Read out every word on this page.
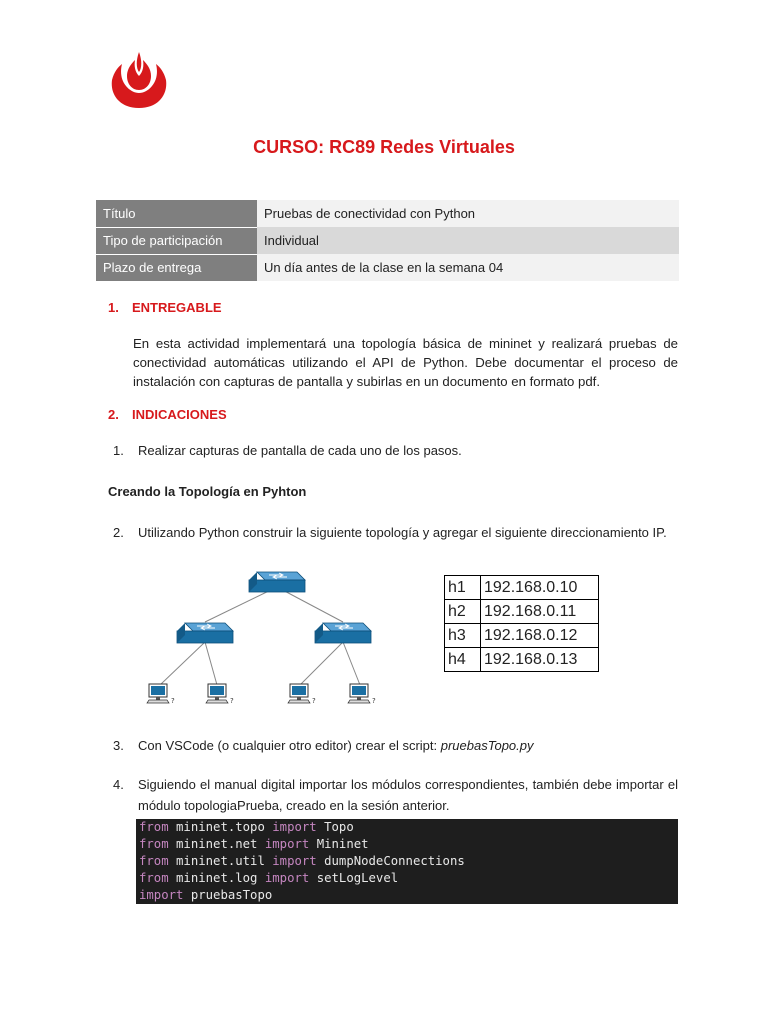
CURSO: RC89 Redes Virtuales
Título	Pruebas de conectividad con Python
Tipo de participación	Individual
Plazo de entrega	Un día antes de la clase en la semana 04
1. ENTREGABLE
En esta actividad implementará una topología básica de mininet y realizará pruebas de conectividad automáticas utilizando el API de Python. Debe documentar el proceso de instalación con capturas de pantalla y subirlas en un documento en formato pdf.
2. INDICACIONES
1. Realizar capturas de pantalla de cada uno de los pasos.
Creando la Topología en Pyhton
2. Utilizando Python construir la siguiente topología y agregar el siguiente direccionamiento IP.
?	h1	192.168.0.10
h2	192.168.0.11
h3	192.168.0.12
h4	192.168.0.13
3. Con VSCode (o cualquier otro editor) crear el script: pruebasTopo.py
4. Siguiendo el manual digital importar los módulos correspondientes, también debe importar el módulo topologiaPrueba, creado en la sesión anterior.
from mininet.topo import Topo
from mininet.net import Mininet
from mininet.util import dumpNodeConnections
from mininet.log import setLogLevel
import pruebasTopo
